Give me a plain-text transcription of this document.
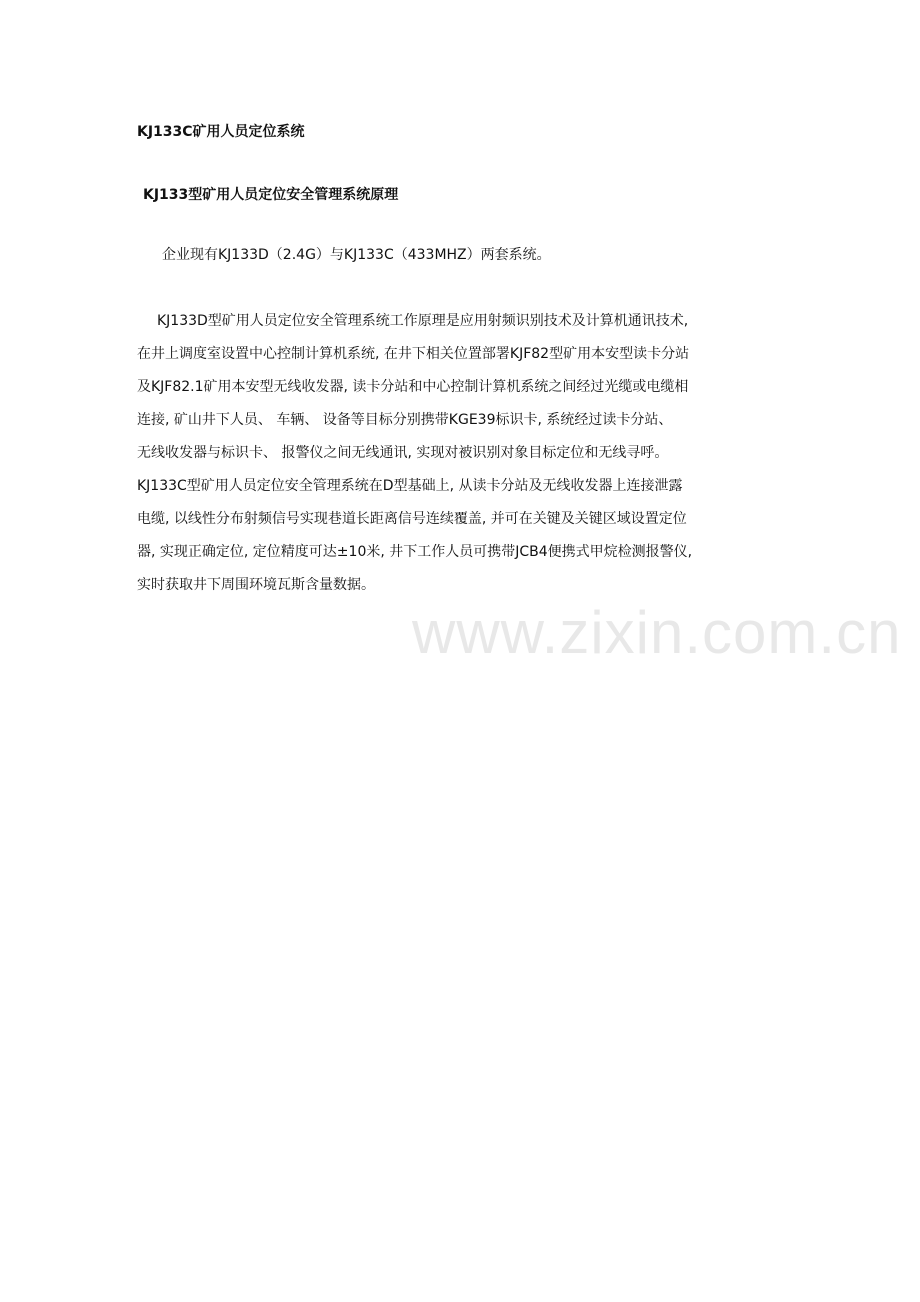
KJ133C矿用人员定位系统
KJ133型矿用人员定位安全管理系统原理
企业现有KJ133D（2.4G）与KJ133C（433MHZ）两套系统。
KJ133D型矿用人员定位安全管理系统工作原理是应用射频识别技术及计算机通讯技术,
在井上调度室设置中心控制计算机系统, 在井下相关位置部署KJF82型矿用本安型读卡分站
及KJF82.1矿用本安型无线收发器, 读卡分站和中心控制计算机系统之间经过光缆或电缆相
连接, 矿山井下人员、 车辆、 设备等目标分别携带KGE39标识卡, 系统经过读卡分站、
无线收发器与标识卡、 报警仪之间无线通讯, 实现对被识别对象目标定位和无线寻呼。
KJ133C型矿用人员定位安全管理系统在D型基础上, 从读卡分站及无线收发器上连接泄露
电缆, 以线性分布射频信号实现巷道长距离信号连续覆盖, 并可在关键及关键区域设置定位
器, 实现正确定位, 定位精度可达±10米, 井下工作人员可携带JCB4便携式甲烷检测报警仪,
实时获取井下周围环境瓦斯含量数据。
www.zixin.com.cn
